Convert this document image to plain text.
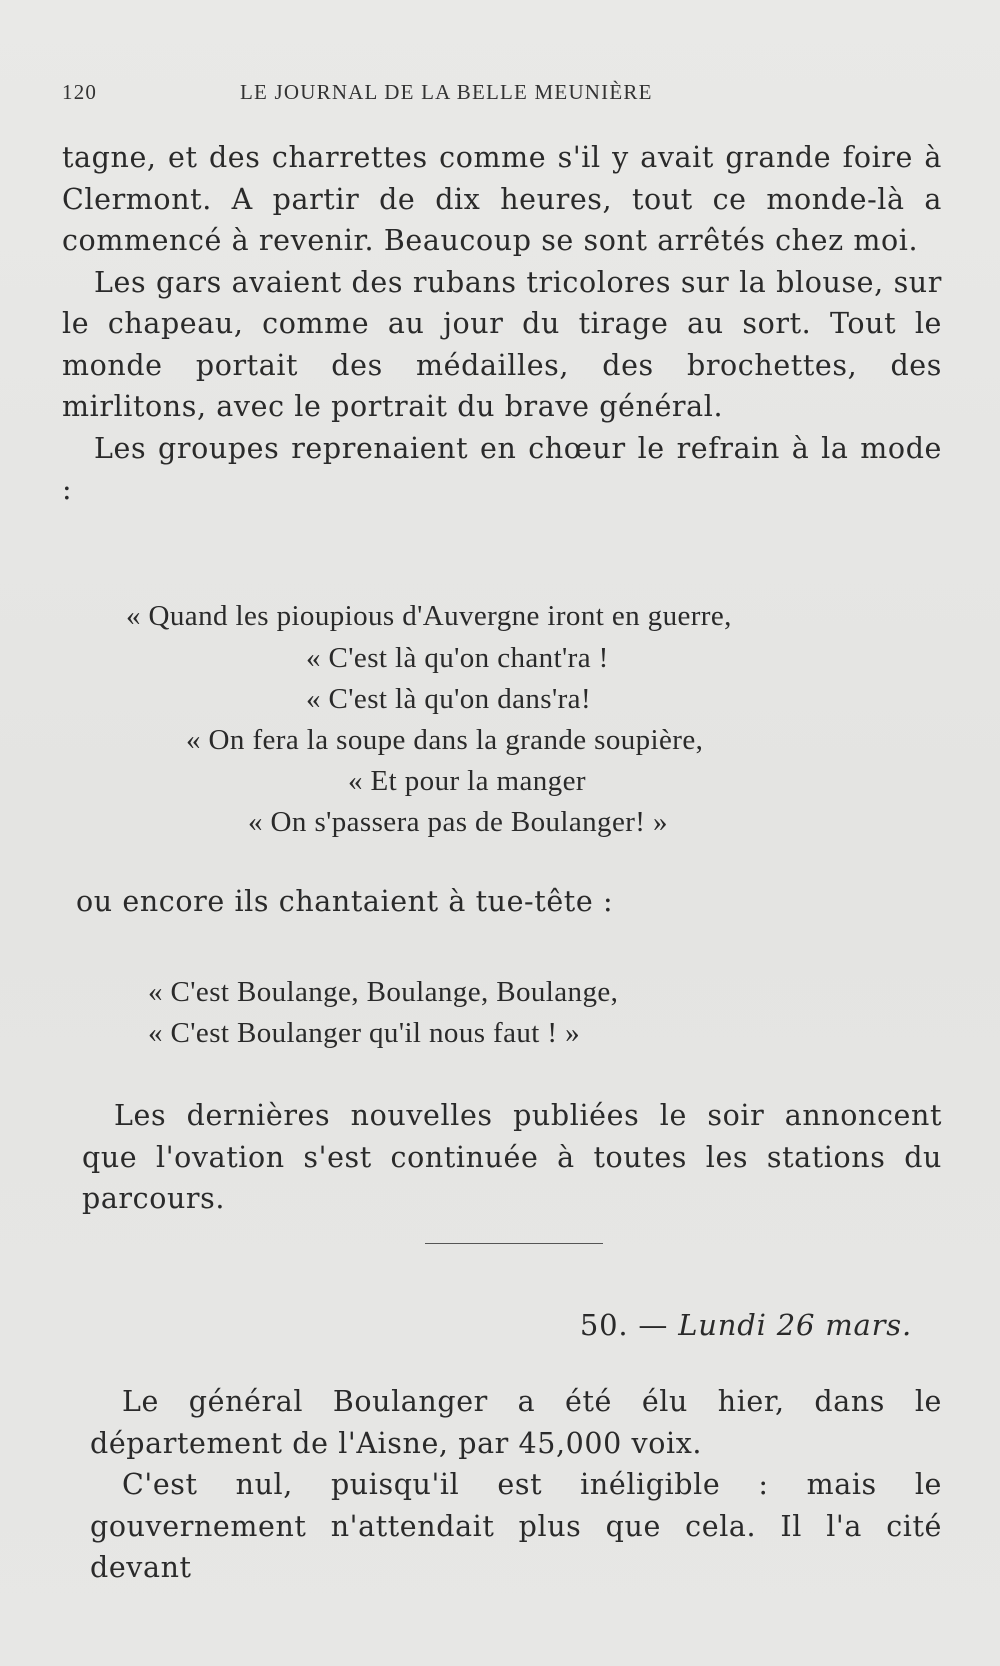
120	LE JOURNAL DE LA BELLE MEUNIÈRE

tagne, et des charrettes comme s'il y avait grande foire à Clermont. A partir de dix heures, tout ce monde-là a commencé à revenir. Beaucoup se sont arrêtés chez moi.

Les gars avaient des rubans tricolores sur la blouse, sur le chapeau, comme au jour du tirage au sort. Tout le monde portait des médailles, des brochettes, des mirlitons, avec le portrait du brave général.

Les groupes reprenaient en chœur le refrain à la mode :

« Quand les pioupious d'Auvergne iront en guerre,
« C'est là qu'on chant'ra !
« C'est là qu'on dans'ra!
« On fera la soupe dans la grande soupière,
« Et pour la manger
« On s'passera pas de Boulanger! »

ou encore ils chantaient à tue-tête :

« C'est Boulange, Boulange, Boulange,
« C'est Boulanger qu'il nous faut ! »

Les dernières nouvelles publiées le soir annoncent que l'ovation s'est continuée à toutes les stations du parcours.

50. — Lundi 26 mars.

Le général Boulanger a été élu hier, dans le département de l'Aisne, par 45,000 voix.

C'est nul, puisqu'il est inéligible : mais le gouvernement n'attendait plus que cela. Il l'a cité devant
